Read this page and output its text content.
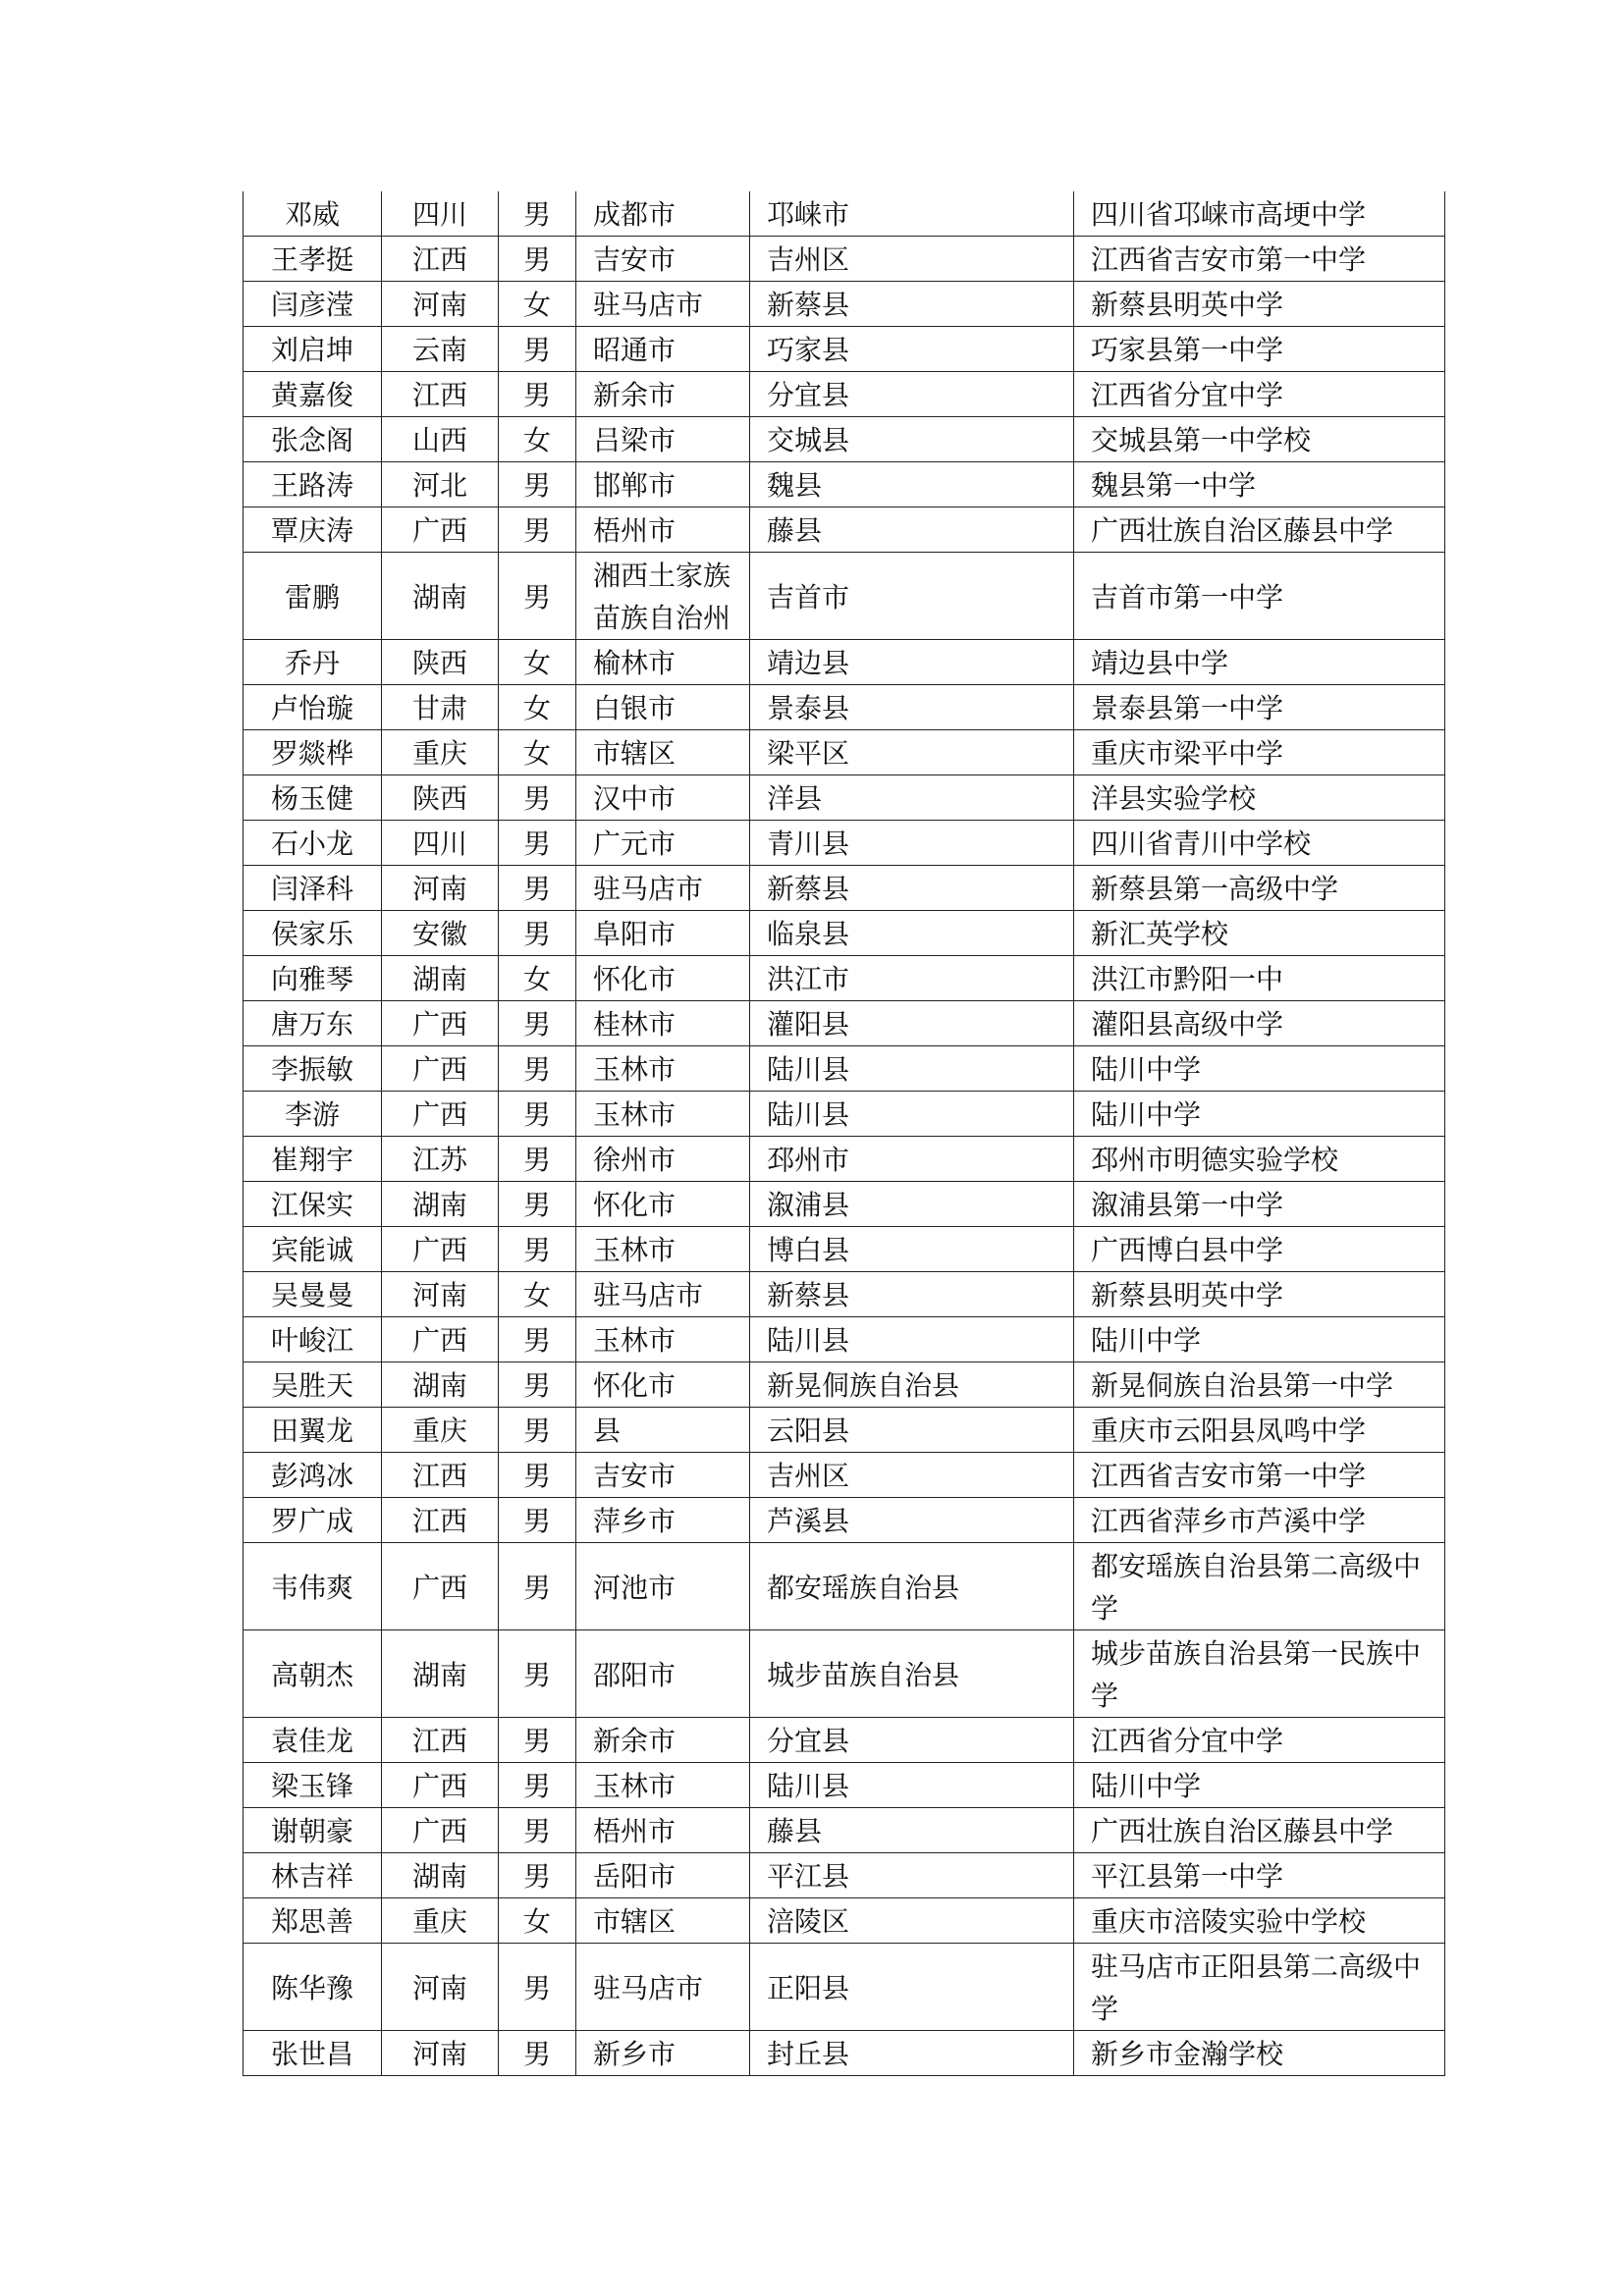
邓威	四川	男	成都市	邛崃市	四川省邛崃市高埂中学
王孝挺	江西	男	吉安市	吉州区	江西省吉安市第一中学
闫彦滢	河南	女	驻马店市	新蔡县	新蔡县明英中学
刘启坤	云南	男	昭通市	巧家县	巧家县第一中学
黄嘉俊	江西	男	新余市	分宜县	江西省分宜中学
张念阁	山西	女	吕梁市	交城县	交城县第一中学校
王路涛	河北	男	邯郸市	魏县	魏县第一中学
覃庆涛	广西	男	梧州市	藤县	广西壮族自治区藤县中学
雷鹏	湖南	男	湘西土家族苗族自治州	吉首市	吉首市第一中学
乔丹	陕西	女	榆林市	靖边县	靖边县中学
卢怡璇	甘肃	女	白银市	景泰县	景泰县第一中学
罗燚桦	重庆	女	市辖区	梁平区	重庆市梁平中学
杨玉健	陕西	男	汉中市	洋县	洋县实验学校
石小龙	四川	男	广元市	青川县	四川省青川中学校
闫泽科	河南	男	驻马店市	新蔡县	新蔡县第一高级中学
侯家乐	安徽	男	阜阳市	临泉县	新汇英学校
向雅琴	湖南	女	怀化市	洪江市	洪江市黔阳一中
唐万东	广西	男	桂林市	灌阳县	灌阳县高级中学
李振敏	广西	男	玉林市	陆川县	陆川中学
李游	广西	男	玉林市	陆川县	陆川中学
崔翔宇	江苏	男	徐州市	邳州市	邳州市明德实验学校
江保实	湖南	男	怀化市	溆浦县	溆浦县第一中学
宾能诚	广西	男	玉林市	博白县	广西博白县中学
吴曼曼	河南	女	驻马店市	新蔡县	新蔡县明英中学
叶峻江	广西	男	玉林市	陆川县	陆川中学
吴胜天	湖南	男	怀化市	新晃侗族自治县	新晃侗族自治县第一中学
田翼龙	重庆	男	县	云阳县	重庆市云阳县凤鸣中学
彭鸿冰	江西	男	吉安市	吉州区	江西省吉安市第一中学
罗广成	江西	男	萍乡市	芦溪县	江西省萍乡市芦溪中学
韦伟爽	广西	男	河池市	都安瑶族自治县	都安瑶族自治县第二高级中学
高朝杰	湖南	男	邵阳市	城步苗族自治县	城步苗族自治县第一民族中学
袁佳龙	江西	男	新余市	分宜县	江西省分宜中学
梁玉锋	广西	男	玉林市	陆川县	陆川中学
谢朝豪	广西	男	梧州市	藤县	广西壮族自治区藤县中学
林吉祥	湖南	男	岳阳市	平江县	平江县第一中学
郑思善	重庆	女	市辖区	涪陵区	重庆市涪陵实验中学校
陈华豫	河南	男	驻马店市	正阳县	驻马店市正阳县第二高级中学
张世昌	河南	男	新乡市	封丘县	新乡市金瀚学校
